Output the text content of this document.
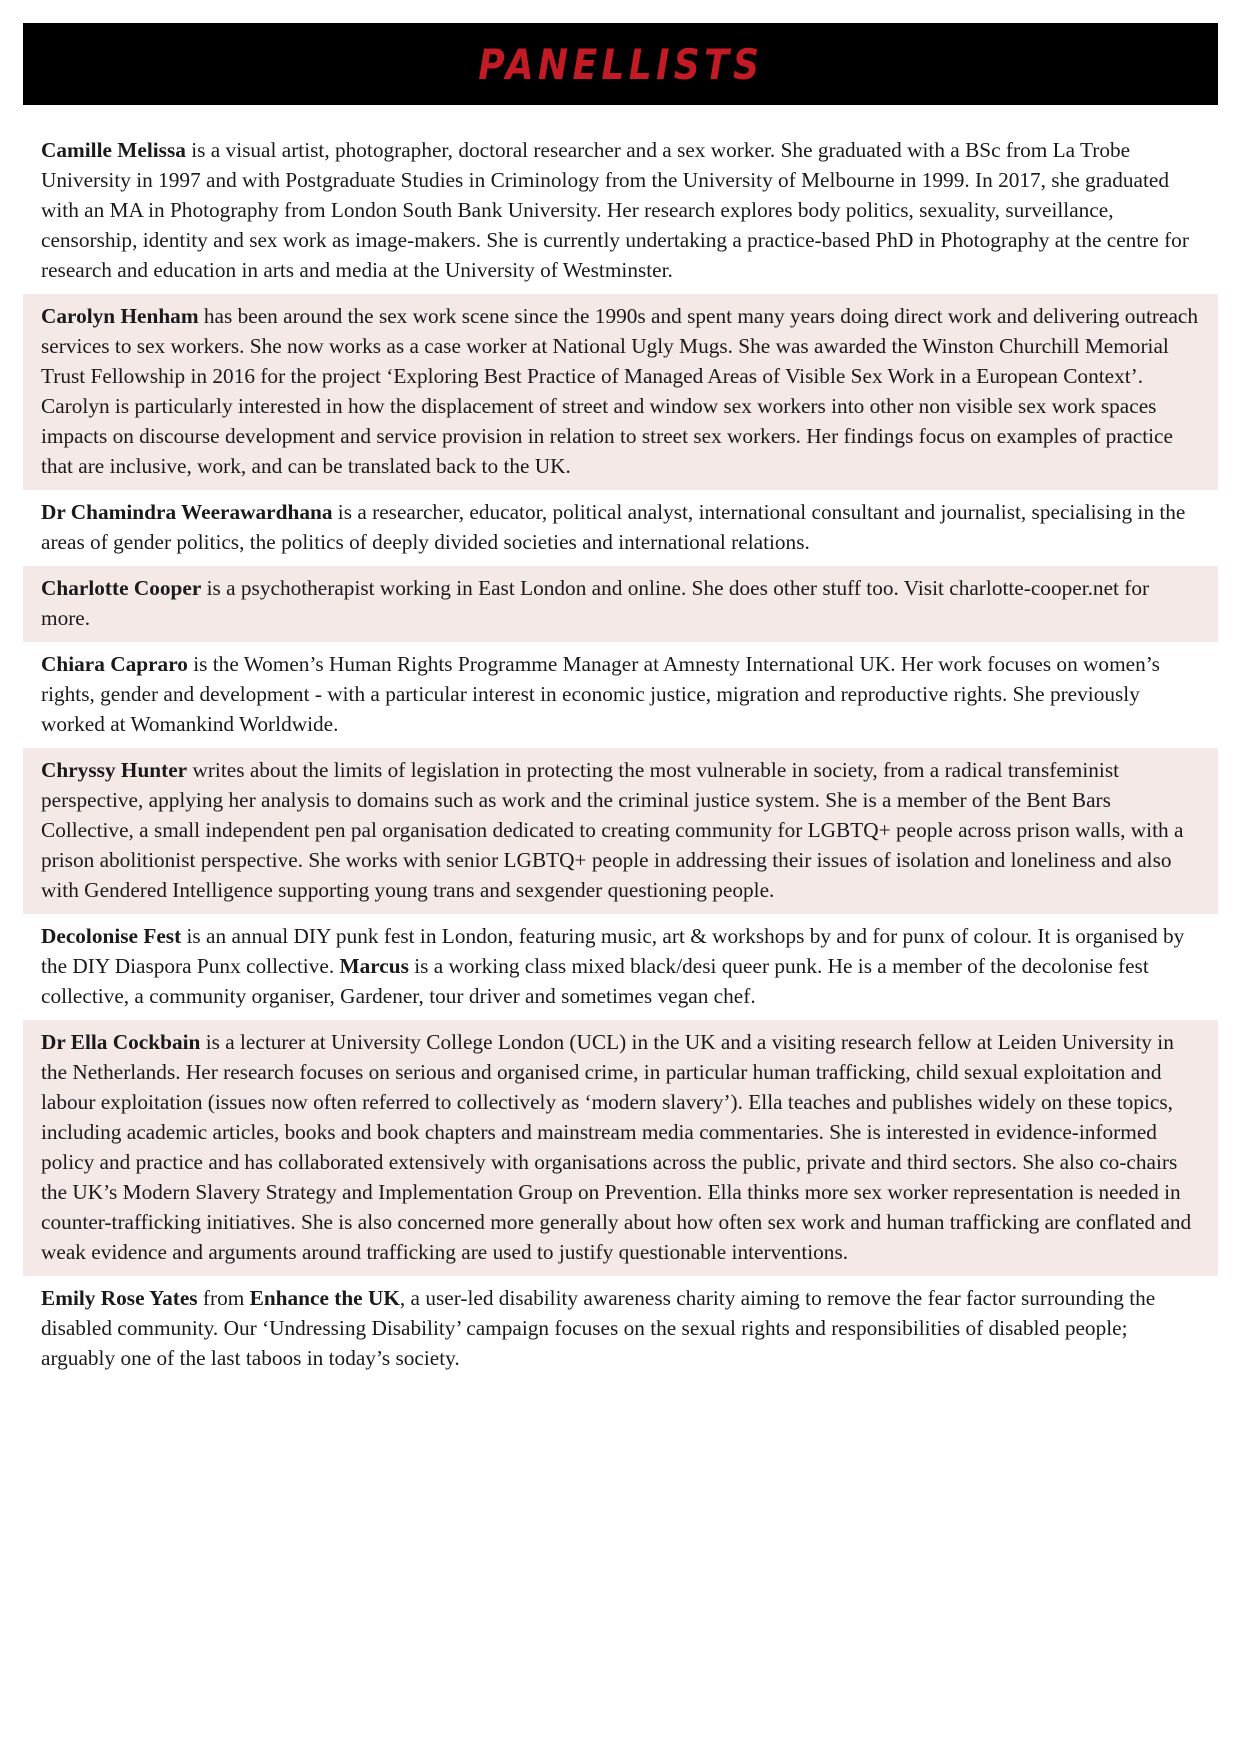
PANELLISTS
Camille Melissa is a visual artist, photographer, doctoral researcher and a sex worker. She graduated with a BSc from La Trobe University in 1997 and with Postgraduate Studies in Criminology from the University of Melbourne in 1999. In 2017, she graduated with an MA in Photography from London South Bank University. Her research explores body politics, sexuality, surveillance, censorship, identity and sex work as image-makers. She is currently undertaking a practice-based PhD in Photography at the centre for research and education in arts and media at the University of Westminster.
Carolyn Henham has been around the sex work scene since the 1990s and spent many years doing direct work and delivering outreach services to sex workers. She now works as a case worker at National Ugly Mugs. She was awarded the Winston Churchill Memorial Trust Fellowship in 2016 for the project ‘Exploring Best Practice of Managed Areas of Visible Sex Work in a European Context’. Carolyn is particularly interested in how the displacement of street and window sex workers into other non visible sex work spaces impacts on discourse development and service provision in relation to street sex workers. Her findings focus on examples of practice that are inclusive, work, and can be translated back to the UK.
Dr Chamindra Weerawardhana is a researcher, educator, political analyst, international consultant and journalist, specialising in the areas of gender politics, the politics of deeply divided societies and international relations.
Charlotte Cooper is a psychotherapist working in East London and online. She does other stuff too. Visit charlotte-cooper.net for more.
Chiara Capraro is the Women’s Human Rights Programme Manager at Amnesty International UK. Her work focuses on women’s rights, gender and development - with a particular interest in economic justice, migration and reproductive rights. She previously worked at Womankind Worldwide.
Chryssy Hunter writes about the limits of legislation in protecting the most vulnerable in society, from a radical transfeminist perspective, applying her analysis to domains such as work and the criminal justice system. She is a member of the Bent Bars Collective, a small independent pen pal organisation dedicated to creating community for LGBTQ+ people across prison walls, with a prison abolitionist perspective. She works with senior LGBTQ+ people in addressing their issues of isolation and loneliness and also with Gendered Intelligence supporting young trans and sexgender questioning people.
Decolonise Fest is an annual DIY punk fest in London, featuring music, art & workshops by and for punx of colour. It is organised by the DIY Diaspora Punx collective. Marcus is a working class mixed black/desi queer punk. He is a member of the decolonise fest collective, a community organiser, Gardener, tour driver and sometimes vegan chef.
Dr Ella Cockbain is a lecturer at University College London (UCL) in the UK and a visiting research fellow at Leiden University in the Netherlands. Her research focuses on serious and organised crime, in particular human trafficking, child sexual exploitation and labour exploitation (issues now often referred to collectively as ‘modern slavery’). Ella teaches and publishes widely on these topics, including academic articles, books and book chapters and mainstream media commentaries. She is interested in evidence-informed policy and practice and has collaborated extensively with organisations across the public, private and third sectors. She also co-chairs the UK’s Modern Slavery Strategy and Implementation Group on Prevention. Ella thinks more sex worker representation is needed in counter-trafficking initiatives. She is also concerned more generally about how often sex work and human trafficking are conflated and weak evidence and arguments around trafficking are used to justify questionable interventions.
Emily Rose Yates from Enhance the UK, a user-led disability awareness charity aiming to remove the fear factor surrounding the disabled community. Our ‘Undressing Disability’ campaign focuses on the sexual rights and responsibilities of disabled people; arguably one of the last taboos in today’s society.
